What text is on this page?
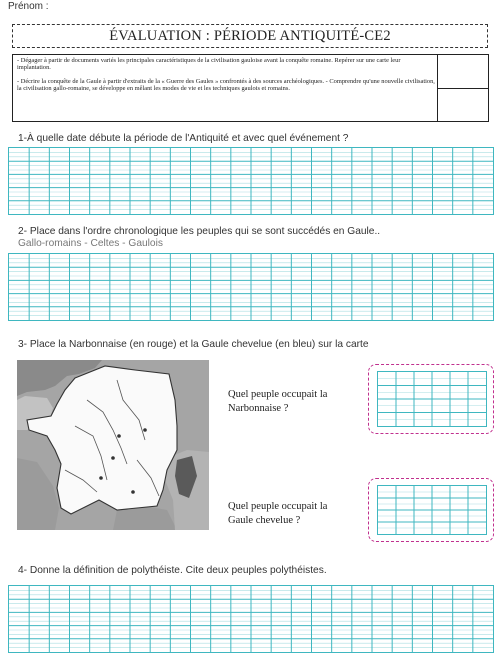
Prénom :
ÉVALUATION : PÉRIODE ANTIQUITÉ-CE2

- Dégager à partir de documents variés les principales caractéristiques de la civilisation gauloise avant la conquête romaine. Repérer sur une carte leur implantation.

- Décrire la conquête de la Gaule à partir d'extraits de la « Guerre des Gaules » confrontés à des sources archéologiques. - Comprendre qu'une nouvelle civilisation, la civilisation gallo-romaine, se développe en mêlant les modes de vie et les techniques gaulois et romains.

1-À quelle date débute la période de l'Antiquité et avec quel événement ?
2- Place dans l'ordre chronologique les peuples qui se sont succédés en Gaule..
Gallo-romains - Celtes - Gaulois
3- Place la Narbonnaise (en rouge) et la Gaule chevelue (en bleu) sur la carte
Quel peuple occupait la
Narbonnaise ?
Quel peuple occupait la
Gaule chevelue ?
4- Donne la définition de polythéiste. Cite deux peuples polythéistes.
